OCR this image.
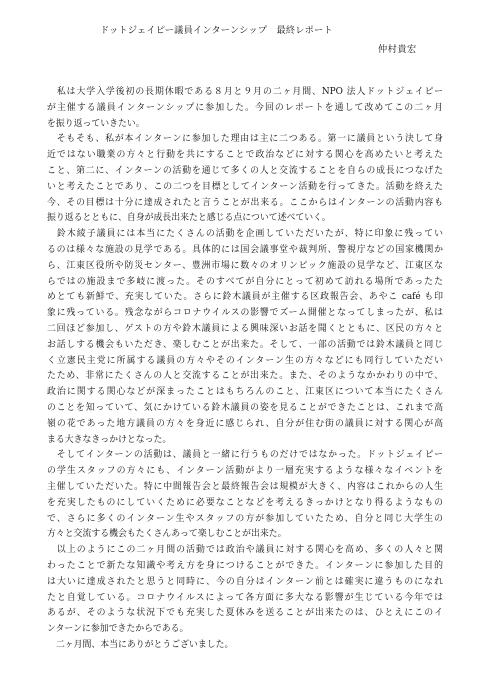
ドットジェイピー議員インターンシップ　最終レポート
仲村貴宏
　私は大学入学後初の長期休暇である８月と９月の二ヶ月間、NPO 法人ドットジェイピー
が主催する議員インターンシップに参加した。今回のレポートを通して改めてこの二ヶ月
を振り返っていきたい。
　そもそも、私が本インターンに参加した理由は主に二つある。第一に議員という決して身
近ではない職業の方々と行動を共にすることで政治などに対する関心を高めたいと考えた
こと、第二に、インターンの活動を通じて多くの人と交流することを自らの成長につなげた
いと考えたことであり、この二つを目標としてインターン活動を行ってきた。活動を終えた
今、その目標は十分に達成されたと言うことが出来る。ここからはインターンの活動内容も
振り返るとともに、自身が成長出来たと感じる点について述べていく。
　鈴木綾子議員には本当にたくさんの活動を企画していただいたが、特に印象に残ってい
るのは様々な施設の見学である。具体的には国会議事堂や裁判所、警視庁などの国家機関か
ら、江東区役所や防災センター、豊洲市場に数々のオリンピック施設の見学など、江東区な
らではの施設まで多岐に渡った。そのすべてが自分にとって初めて訪れる場所であったた
めとても新鮮で、充実していた。さらに鈴木議員が主催する区政報告会、あやこ café も印
象に残っている。残念ながらコロナウイルスの影響でズーム開催となってしまったが、私は
二回ほど参加し、ゲストの方や鈴木議員による興味深いお話を聞くとともに、区民の方々と
お話しする機会もいただき、楽しむことが出来た。そして、一部の活動では鈴木議員と同じ
く立憲民主党に所属する議員の方々やそのインターン生の方々などにも同行していただい
たため、非常にたくさんの人と交流することが出来た。また、そのようなかかわりの中で、
政治に関する関心などが深まったことはもちろんのこと、江東区について本当にたくさん
のことを知っていて、気にかけている鈴木議員の姿を見ることができたことは、これまで高
嶺の花であった地方議員の方々を身近に感じられ、自分が住む街の議員に対する関心が高
まる大きなきっかけとなった。
　そしてインターンの活動は、議員と一緒に行うものだけではなかった。ドットジェイピー
の学生スタッフの方々にも、インターン活動がより一層充実するような様々なイベントを
主催していただいた。特に中間報告会と最終報告会は規模が大きく、内容はこれからの人生
を充実したものにしていくために必要なことなどを考えるきっかけとなり得るようなもの
で、さらに多くのインターン生やスタッフの方が参加していたため、自分と同じ大学生の
方々と交流する機会もたくさんあって楽しむことが出来た。
　以上のようにこの二ヶ月間の活動では政治や議員に対する関心を高め、多くの人々と関
わったことで新たな知識や考え方を身につけることができた。インターンに参加した目的
は大いに達成されたと思うと同時に、今の自分はインターン前とは確実に違うものになれ
たと自覚している。コロナウイルスによって各方面に多大なる影響が生じている今年では
あるが、そのような状況下でも充実した夏休みを送ることが出来たのは、ひとえにこのイ
ンターンに参加できたからである。
　二ヶ月間、本当にありがとうございました。
